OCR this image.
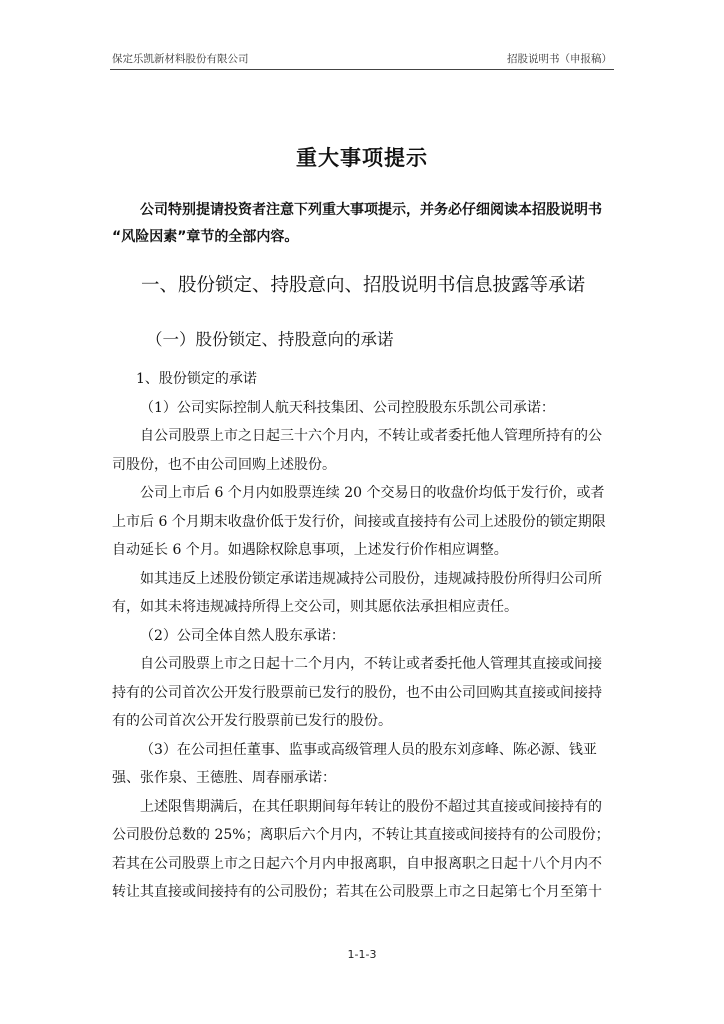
保定乐凯新材料股份有限公司	招股说明书（申报稿）
重大事项提示
公司特别提请投资者注意下列重大事项提示，并务必仔细阅读本招股说明书
“风险因素”章节的全部内容。
一、股份锁定、持股意向、招股说明书信息披露等承诺
（一）股份锁定、持股意向的承诺
1、股份锁定的承诺
（1）公司实际控制人航天科技集团、公司控股股东乐凯公司承诺：
自公司股票上市之日起三十六个月内，不转让或者委托他人管理所持有的公
司股份，也不由公司回购上述股份。
公司上市后 6 个月内如股票连续 20 个交易日的收盘价均低于发行价，或者
上市后 6 个月期末收盘价低于发行价，间接或直接持有公司上述股份的锁定期限
自动延长 6 个月。如遇除权除息事项，上述发行价作相应调整。
如其违反上述股份锁定承诺违规减持公司股份，违规减持股份所得归公司所
有，如其未将违规减持所得上交公司，则其愿依法承担相应责任。
（2）公司全体自然人股东承诺：
自公司股票上市之日起十二个月内，不转让或者委托他人管理其直接或间接
持有的公司首次公开发行股票前已发行的股份，也不由公司回购其直接或间接持
有的公司首次公开发行股票前已发行的股份。
（3）在公司担任董事、监事或高级管理人员的股东刘彦峰、陈必源、钱亚
强、张作泉、王德胜、周春丽承诺：
上述限售期满后，在其任职期间每年转让的股份不超过其直接或间接持有的
公司股份总数的 25%；离职后六个月内，不转让其直接或间接持有的公司股份；
若其在公司股票上市之日起六个月内申报离职，自申报离职之日起十八个月内不
转让其直接或间接持有的公司股份；若其在公司股票上市之日起第七个月至第十
1-1-3
